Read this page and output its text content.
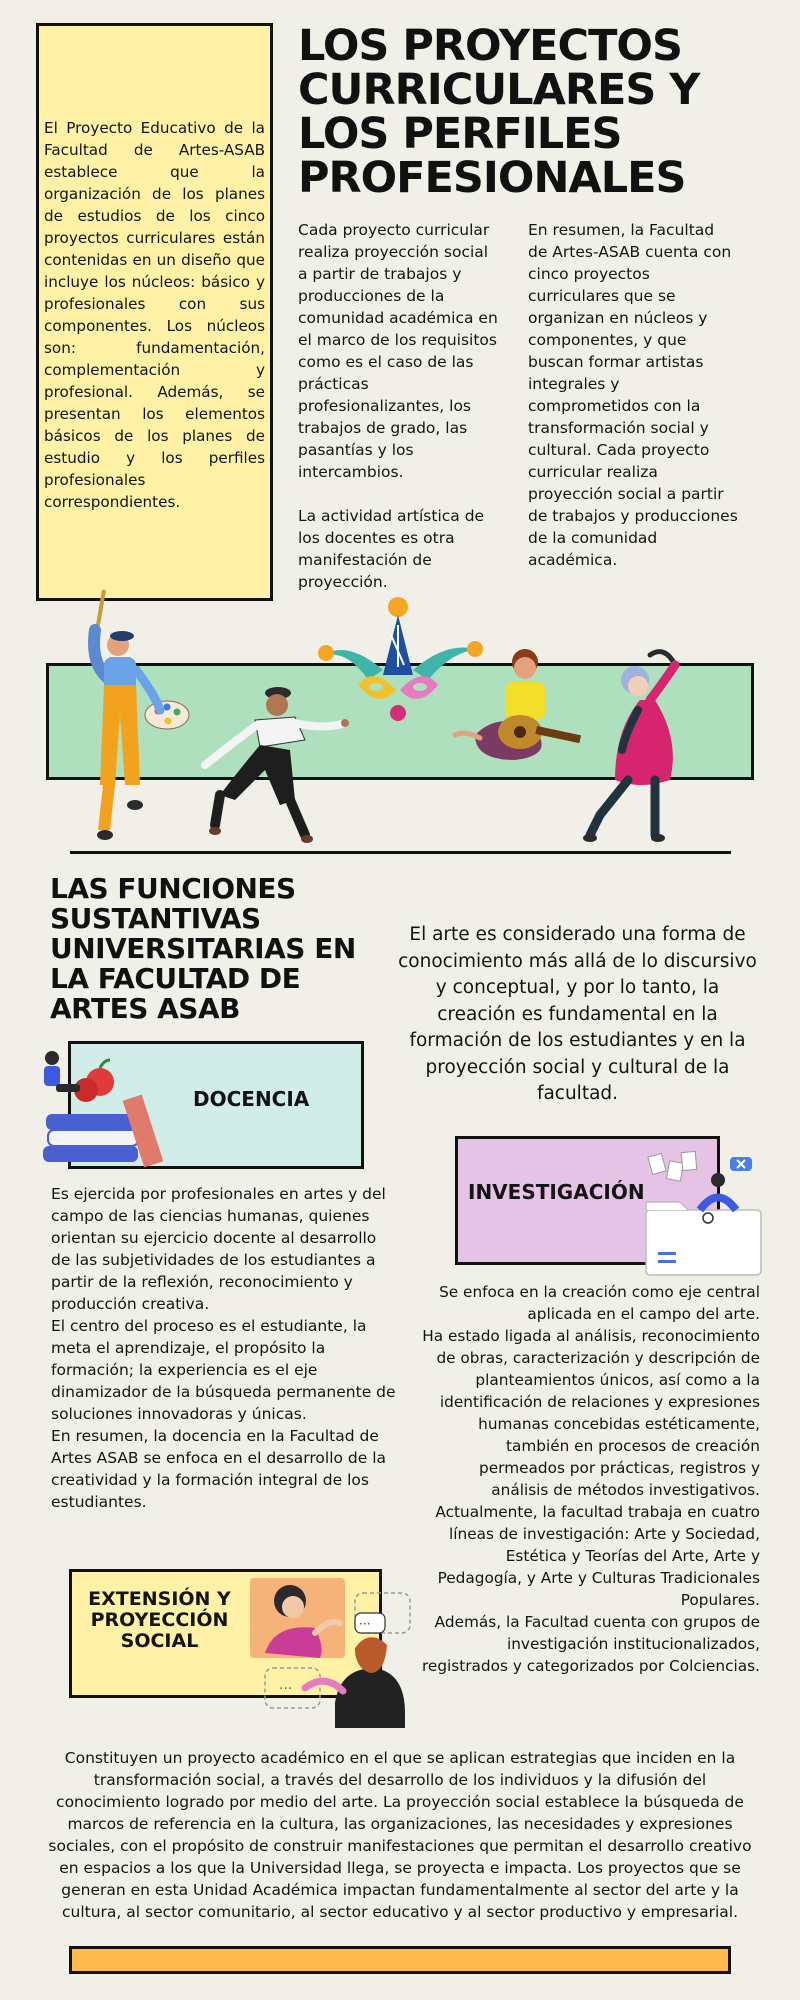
El Proyecto Educativo de la Facultad de Artes-ASAB establece que la organización de los planes de estudios de los cinco proyectos curriculares están contenidas en un diseño que incluye los núcleos: básico y profesionales con sus componentes. Los núcleos son: fundamentación, complementación y profesional. Además, se presentan los elementos básicos de los planes de estudio y los perfiles profesionales correspondientes.
LOS PROYECTOS CURRICULARES Y LOS PERFILES PROFESIONALES

Cada proyecto curricular realiza proyección social a partir de trabajos y producciones de la comunidad académica en el marco de los requisitos como es el caso de las prácticas profesionalizantes, los trabajos de grado, las pasantías y los intercambios.

La actividad artística de los docentes es otra manifestación de proyección.

En resumen, la Facultad de Artes-ASAB cuenta con cinco proyectos curriculares que se organizan en núcleos y componentes, y que buscan formar artistas integrales y comprometidos con la transformación social y cultural. Cada proyecto curricular realiza proyección social a partir de trabajos y producciones de la comunidad académica.

LAS FUNCIONES SUSTANTIVAS UNIVERSITARIAS EN LA FACULTAD DE ARTES ASAB
El arte es considerado una forma de conocimiento más allá de lo discursivo y conceptual, y por lo tanto, la creación es fundamental en la formación de los estudiantes y en la proyección social y cultural de la facultad.
DOCENCIA
Es ejercida por profesionales en artes y del campo de las ciencias humanas, quienes orientan su ejercicio docente al desarrollo de las subjetividades de los estudiantes a partir de la reflexión, reconocimiento y producción creativa.
El centro del proceso es el estudiante, la meta el aprendizaje, el propósito la formación; la experiencia es el eje dinamizador de la búsqueda permanente de soluciones innovadoras y únicas.
En resumen, la docencia en la Facultad de Artes ASAB se enfoca en el desarrollo de la creatividad y la formación integral de los estudiantes.
INVESTIGACIÓN
Se enfoca en la creación como eje central aplicada en el campo del arte.
Ha estado ligada al análisis, reconocimiento de obras, caracterización y descripción de planteamientos únicos, así como a la identificación de relaciones y expresiones humanas concebidas estéticamente, también en procesos de creación permeados por prácticas, registros y análisis de métodos investigativos.
Actualmente, la facultad trabaja en cuatro líneas de investigación: Arte y Sociedad, Estética y Teorías del Arte, Arte y Pedagogía, y Arte y Culturas Tradicionales Populares.
Además, la Facultad cuenta con grupos de investigación institucionalizados, registrados y categorizados por Colciencias.
EXTENSIÓN Y PROYECCIÓN SOCIAL
···
···
Constituyen un proyecto académico en el que se aplican estrategias que inciden en la transformación social, a través del desarrollo de los individuos y la difusión del conocimiento logrado por medio del arte. La proyección social establece la búsqueda de marcos de referencia en la cultura, las organizaciones, las necesidades y expresiones sociales, con el propósito de construir manifestaciones que permitan el desarrollo creativo en espacios a los que la Universidad llega, se proyecta e impacta. Los proyectos que se generan en esta Unidad Académica impactan fundamentalmente al sector del arte y la cultura, al sector comunitario, al sector educativo y al sector productivo y empresarial.
